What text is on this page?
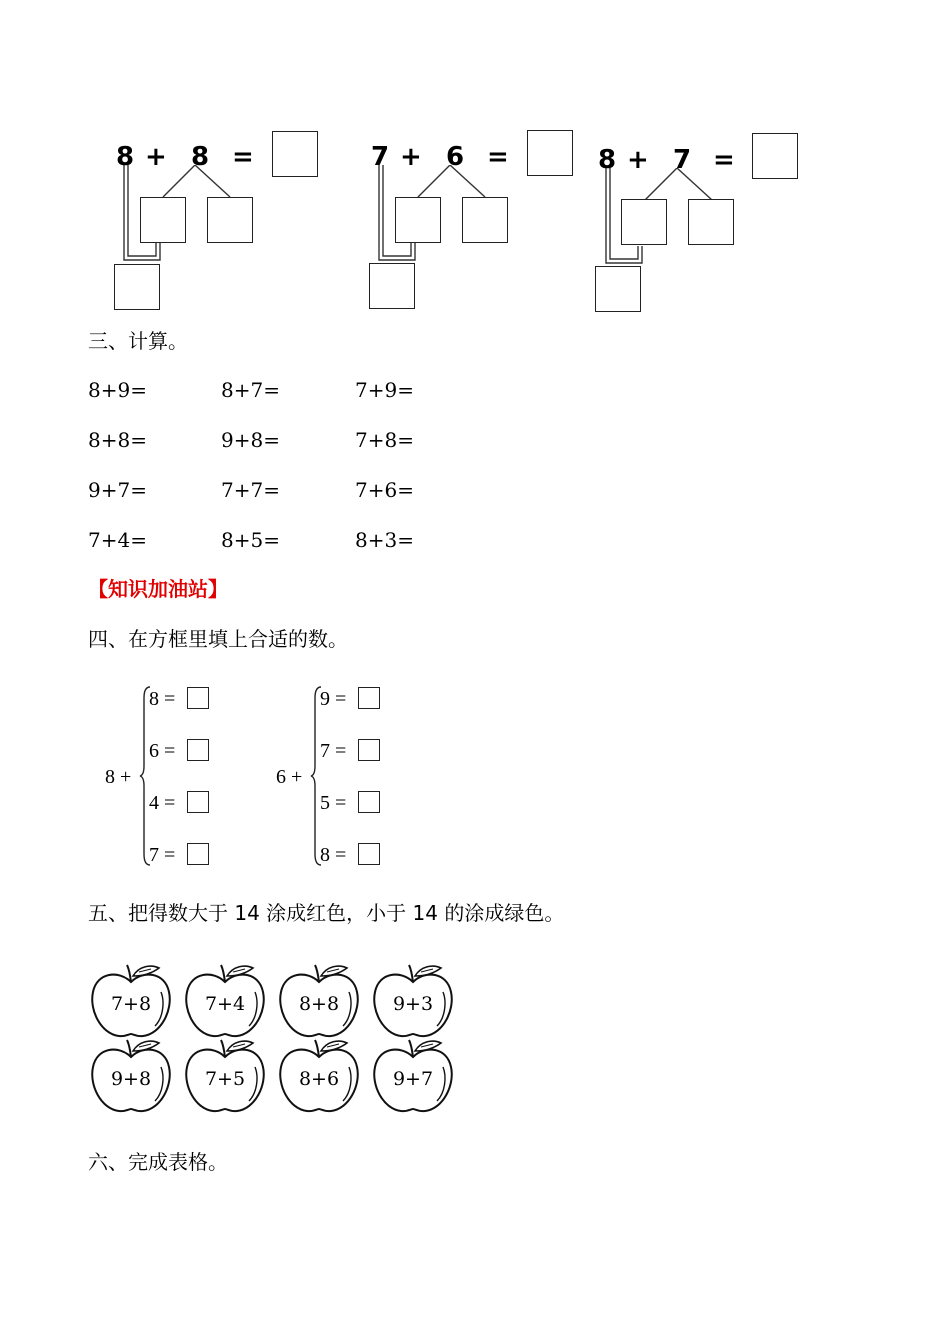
8 + 8 =	7 + 6 =	8 + 7 =
三、计算。
8+9=	8+7=	7+9=
8+8=	9+8=	7+8=
9+7=	7+7=	7+6=
7+4=	8+5=	8+3=
【知识加油站】
四、在方框里填上合适的数。
8 +
8 =
6 =
4 =
7 =
6 +
9 =
7 =
5 =
8 =
五、把得数大于 14 涂成红色，小于 14 的涂成绿色。
7+8	7+4	8+8	9+3
9+8	7+5	8+6	9+7
六、完成表格。
